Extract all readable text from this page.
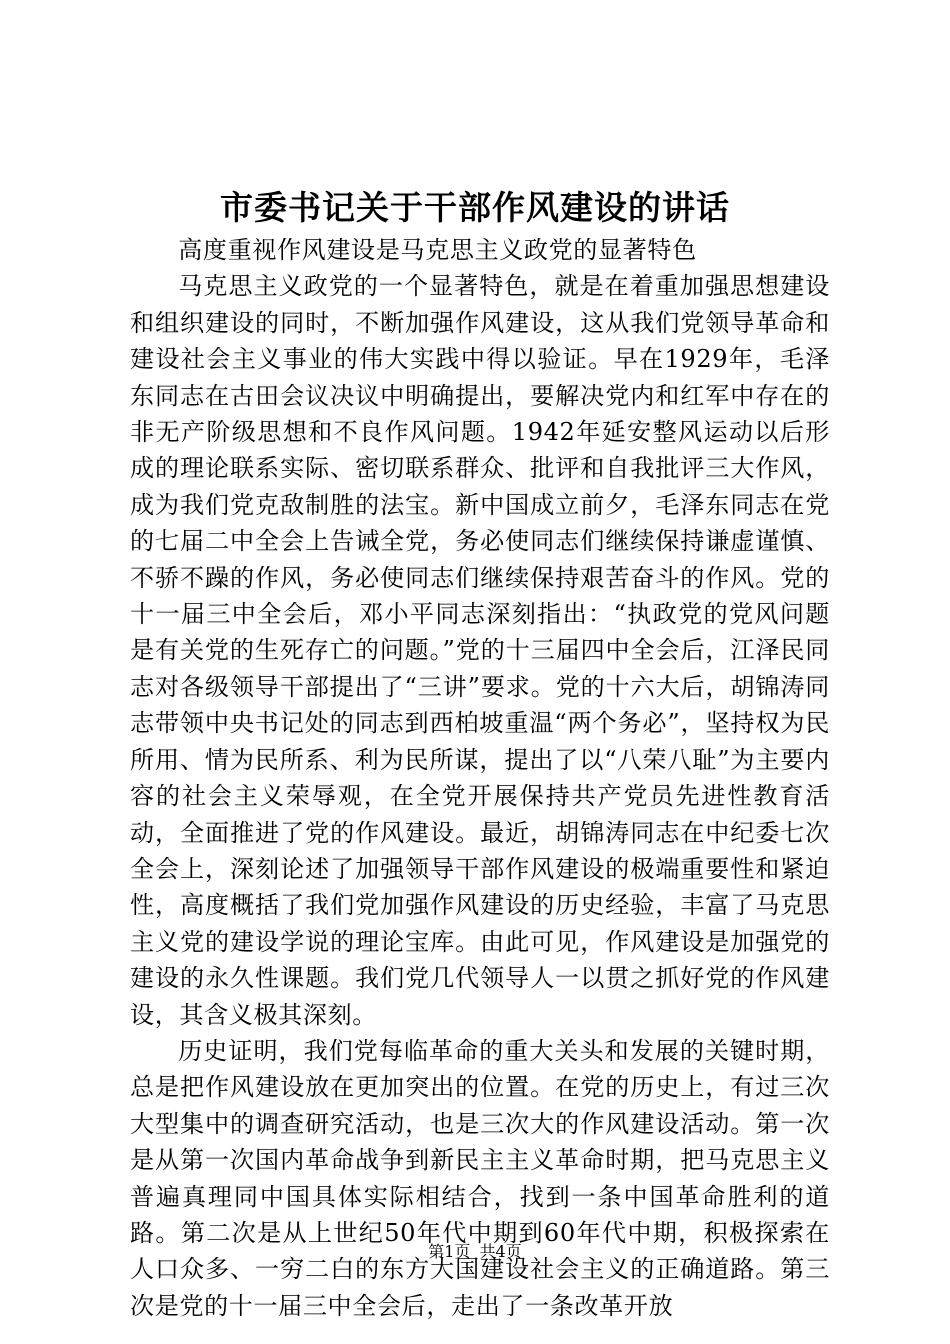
市委书记关于干部作风建设的讲话

高度重视作风建设是马克思主义政党的显著特色

马克思主义政党的一个显著特色，就是在着重加强思想建设和组织建设的同时，不断加强作风建设，这从我们党领导革命和建设社会主义事业的伟大实践中得以验证。早在1929年，毛泽东同志在古田会议决议中明确提出，要解决党内和红军中存在的非无产阶级思想和不良作风问题。1942年延安整风运动以后形成的理论联系实际、密切联系群众、批评和自我批评三大作风，成为我们党克敌制胜的法宝。新中国成立前夕，毛泽东同志在党的七届二中全会上告诫全党，务必使同志们继续保持谦虚谨慎、不骄不躁的作风，务必使同志们继续保持艰苦奋斗的作风。党的十一届三中全会后，邓小平同志深刻指出：“执政党的党风问题是有关党的生死存亡的问题。”党的十三届四中全会后，江泽民同志对各级领导干部提出了“三讲”要求。党的十六大后，胡锦涛同志带领中央书记处的同志到西柏坡重温“两个务必”，坚持权为民所用、情为民所系、利为民所谋，提出了以“八荣八耻”为主要内容的社会主义荣辱观，在全党开展保持共产党员先进性教育活动，全面推进了党的作风建设。最近，胡锦涛同志在中纪委七次全会上，深刻论述了加强领导干部作风建设的极端重要性和紧迫性，高度概括了我们党加强作风建设的历史经验，丰富了马克思主义党的建设学说的理论宝库。由此可见，作风建设是加强党的建设的永久性课题。我们党几代领导人一以贯之抓好党的作风建设，其含义极其深刻。

历史证明，我们党每临革命的重大关头和发展的关键时期，总是把作风建设放在更加突出的位置。在党的历史上，有过三次大型集中的调查研究活动，也是三次大的作风建设活动。第一次是从第一次国内革命战争到新民主主义革命时期，把马克思主义普遍真理同中国具体实际相结合，找到一条中国革命胜利的道路。第二次是从上世纪50年代中期到60年代中期，积极探索在人口众多、一穷二白的东方大国建设社会主义的正确道路。第三次是党的十一届三中全会后，走出了一条改革开放

第1页 共4页
